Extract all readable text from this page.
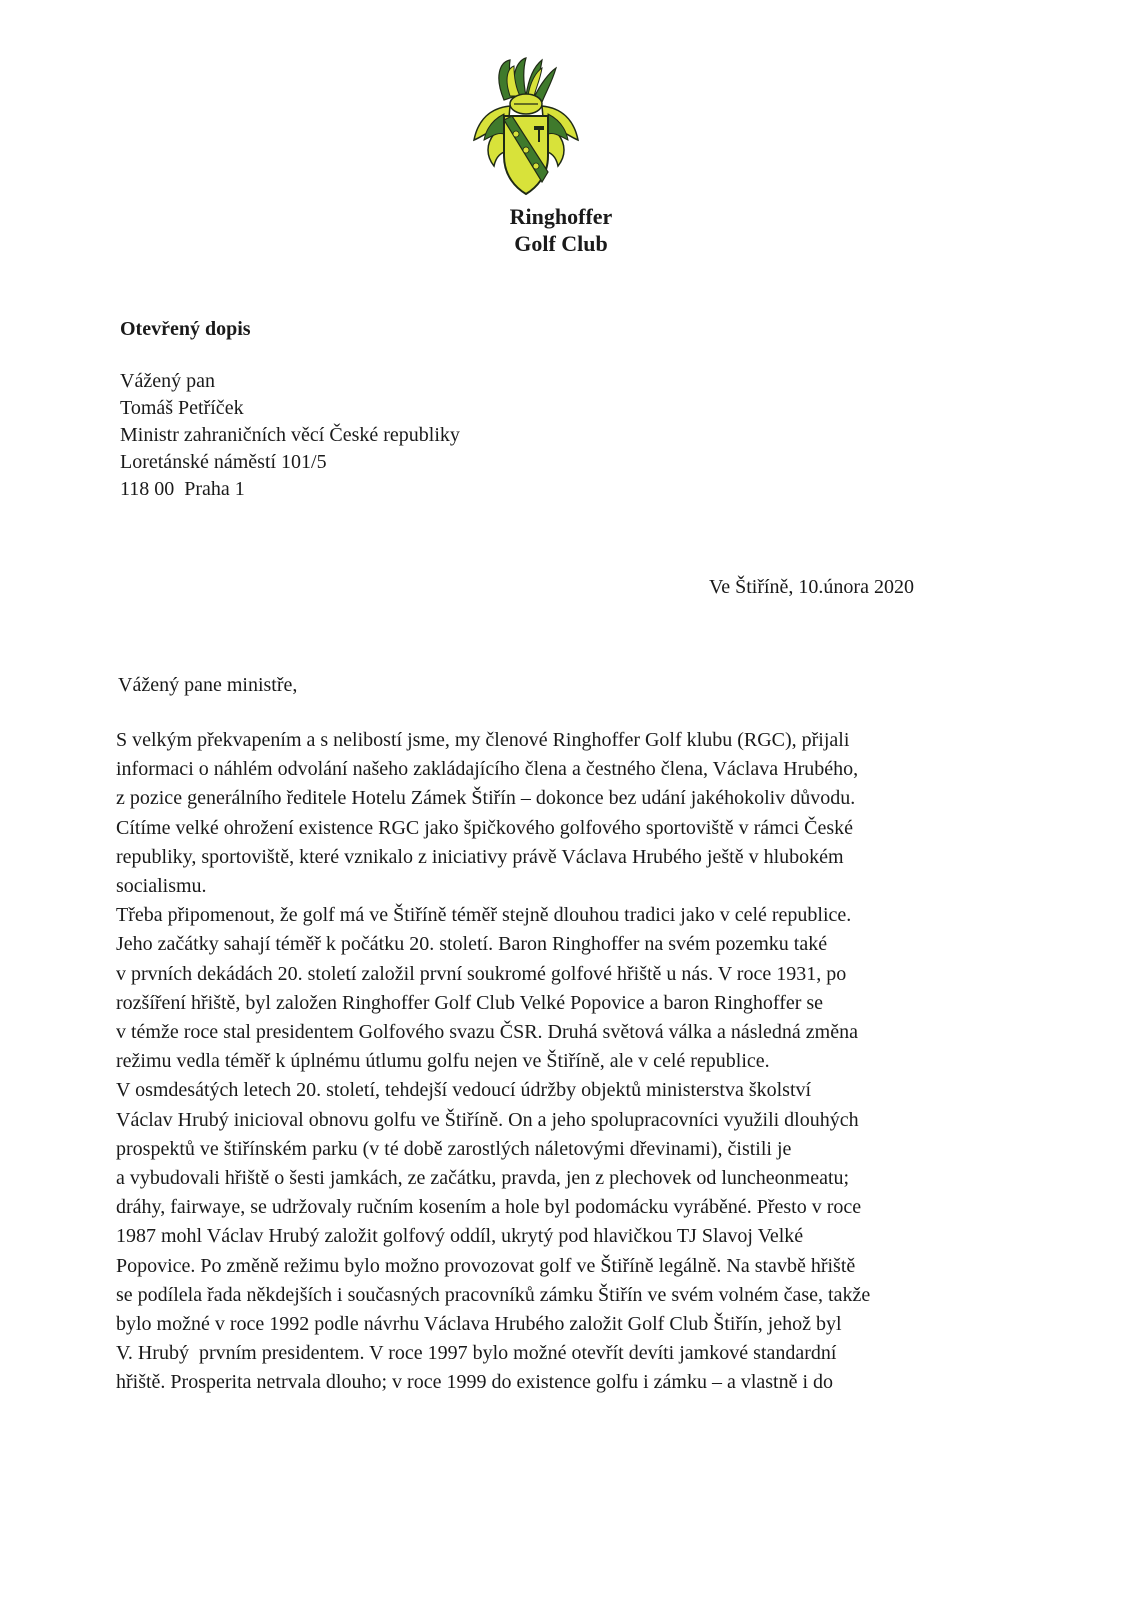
Ringhoffer
Golf Club
Otevřený dopis
Vážený pan
Tomáš Petříček
Ministr zahraničních věcí České republiky
Loretánské náměstí 101/5
118 00  Praha 1
Ve Štiříně, 10.února 2020
Vážený pane ministře,
S velkým překvapením a s nelibostí jsme, my členové Ringhoffer Golf klubu (RGC), přijali
informaci o náhlém odvolání našeho zakládajícího člena a čestného člena, Václava Hrubého,
z pozice generálního ředitele Hotelu Zámek Štiřín – dokonce bez udání jakéhokoliv důvodu.
Cítíme velké ohrožení existence RGC jako špičkového golfového sportoviště v rámci České
republiky, sportoviště, které vznikalo z iniciativy právě Václava Hrubého ještě v hlubokém
socialismu.
Třeba připomenout, že golf má ve Štiříně téměř stejně dlouhou tradici jako v celé republice.
Jeho začátky sahají téměř k počátku 20. století. Baron Ringhoffer na svém pozemku také
v prvních dekádách 20. století založil první soukromé golfové hřiště u nás. V roce 1931, po
rozšíření hřiště, byl založen Ringhoffer Golf Club Velké Popovice a baron Ringhoffer se
v témže roce stal presidentem Golfového svazu ČSR. Druhá světová válka a následná změna
režimu vedla téměř k úplnému útlumu golfu nejen ve Štiříně, ale v celé republice.
V osmdesátých letech 20. století, tehdejší vedoucí údržby objektů ministerstva školství
Václav Hrubý inicioval obnovu golfu ve Štiříně. On a jeho spolupracovníci využili dlouhých
prospektů ve štiřínském parku (v té době zarostlých náletovými dřevinami), čistili je
a vybudovali hřiště o šesti jamkách, ze začátku, pravda, jen z plechovek od luncheonmeatu;
dráhy, fairwaye, se udržovaly ručním kosením a hole byl podomácku vyráběné. Přesto v roce
1987 mohl Václav Hrubý založit golfový oddíl, ukrytý pod hlavičkou TJ Slavoj Velké
Popovice. Po změně režimu bylo možno provozovat golf ve Štiříně legálně. Na stavbě hřiště
se podílela řada někdejších i současných pracovníků zámku Štiřín ve svém volném čase, takže
bylo možné v roce 1992 podle návrhu Václava Hrubého založit Golf Club Štiřín, jehož byl
V. Hrubý  prvním presidentem. V roce 1997 bylo možné otevřít devíti jamkové standardní
hřiště. Prosperita netrvala dlouho; v roce 1999 do existence golfu i zámku – a vlastně i do
